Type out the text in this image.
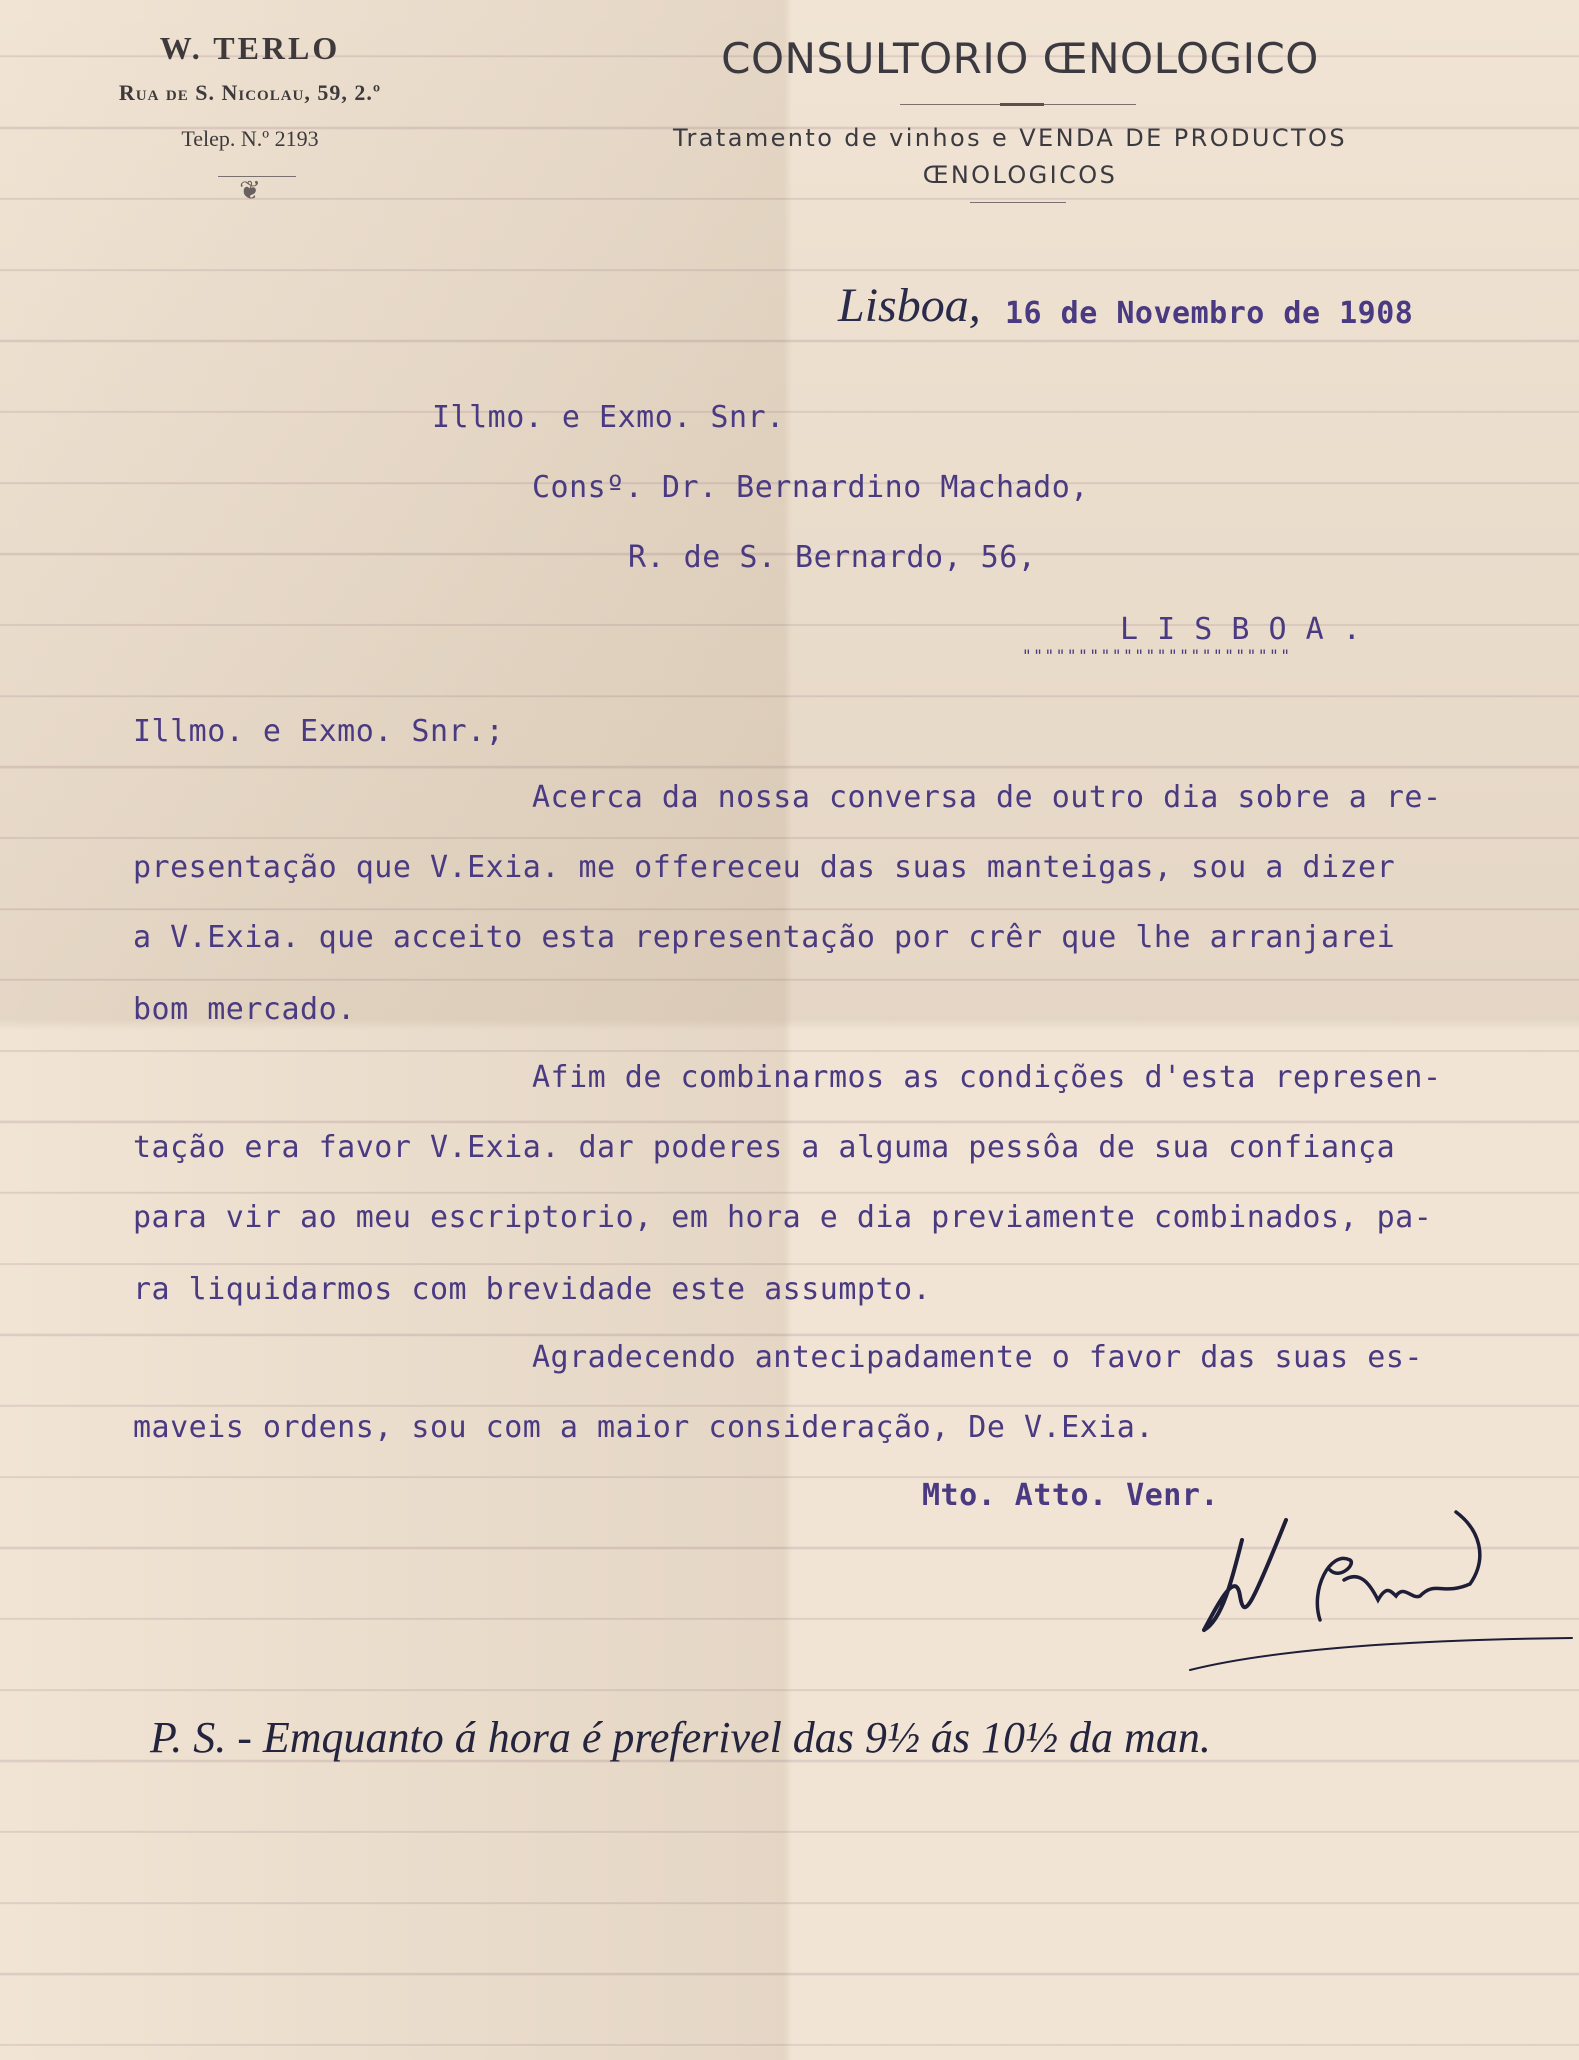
W. TERLO
Rua de S. Nicolau, 59, 2.º
Telep. N.º 2193
❦
CONSULTORIO ŒNOLOGICO
Tratamento de vinhos e VENDA DE PRODUCTOS
ŒNOLOGICOS
Lisboa, 16 de Novembro de 1908
Illmo. e Exmo. Snr.
Consº. Dr. Bernardino Machado,
R. de S. Bernardo, 56,
L I S B O A .
""""""""""""""""""""""""
Illmo. e Exmo. Snr.;
Acerca da nossa conversa de outro dia sobre a re-
presentação que V.Exia. me offereceu das suas manteigas, sou a dizer
a V.Exia. que acceito esta representação por crêr que lhe arranjarei
bom mercado.
Afim de combinarmos as condições d'esta represen-
tação era favor V.Exia. dar poderes a alguma pessôa de sua confiança
para vir ao meu escriptorio, em hora e dia previamente combinados, pa-
ra liquidarmos com brevidade este assumpto.
Agradecendo antecipadamente o favor das suas es-
maveis ordens, sou com a maior consideração, De V.Exia.
Mto. Atto. Venr.
P. S. - Emquanto á hora é preferivel das 9½ ás 10½ da man.
